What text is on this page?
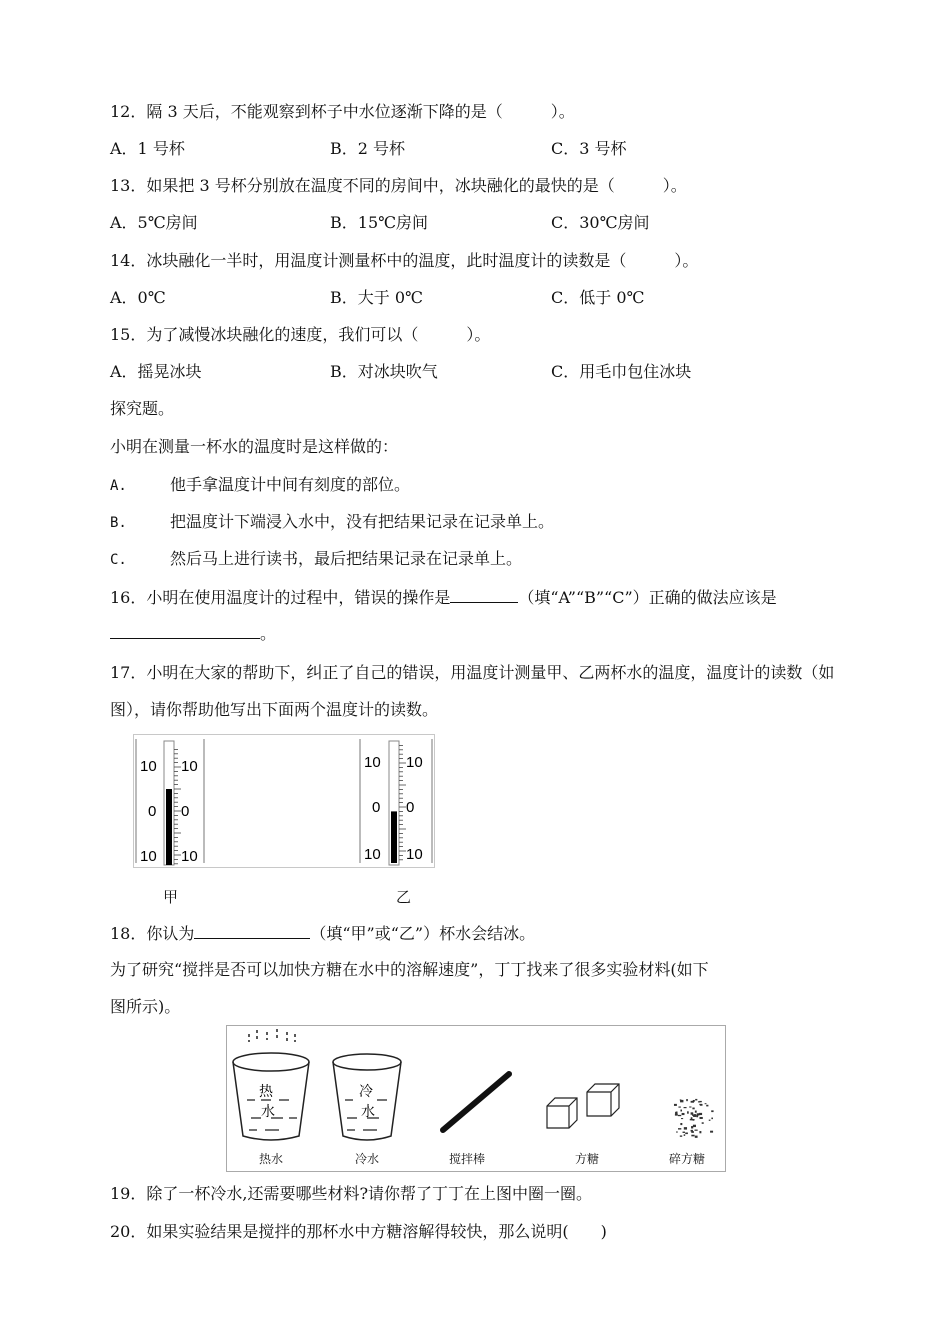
12．隔 3 天后，不能观察到杯子中水位逐渐下降的是（　　　）。
A．1 号杯	B．2 号杯	C．3 号杯
13．如果把 3 号杯分别放在温度不同的房间中，冰块融化的最快的是（　　　）。
A．5℃房间	B．15℃房间	C．30℃房间
14．冰块融化一半时，用温度计测量杯中的温度，此时温度计的读数是（　　　）。
A．0℃	B．大于 0℃	C．低于 0℃
15．为了减慢冰块融化的速度，我们可以（　　　）。
A．摇晃冰块	B．对冰块吹气	C．用毛巾包住冰块
探究题。
小明在测量一杯水的温度时是这样做的：
A.	他手拿温度计中间有刻度的部位。
B.	把温度计下端浸入水中，没有把结果记录在记录单上。
C.	然后马上进行读书，最后把结果记录在记录单上。
16．小明在使用温度计的过程中，错误的操作是	（填“A”“B”“C”）正确的做法应该是
。
17．小明在大家的帮助下，纠正了自己的错误，用温度计测量甲、乙两杯水的温度，温度计的读数（如
图），请你帮助他写出下面两个温度计的读数。
10 10
0 0
10 10
10 10
0 0
10 10
甲	乙
18．你认为	（填“甲”或“乙”）杯水会结冰。
为了研究“搅拌是否可以加快方糖在水中的溶解速度”，丁丁找来了很多实验材料(如下
图所示)。
热
水
冷
水
热水	冷水	搅拌棒	方糖	碎方糖
19．除了一杯冷水,还需要哪些材料?请你帮了丁丁在上图中圈一圈。
20．如果实验结果是搅拌的那杯水中方糖溶解得较快，那么说明(　　)
